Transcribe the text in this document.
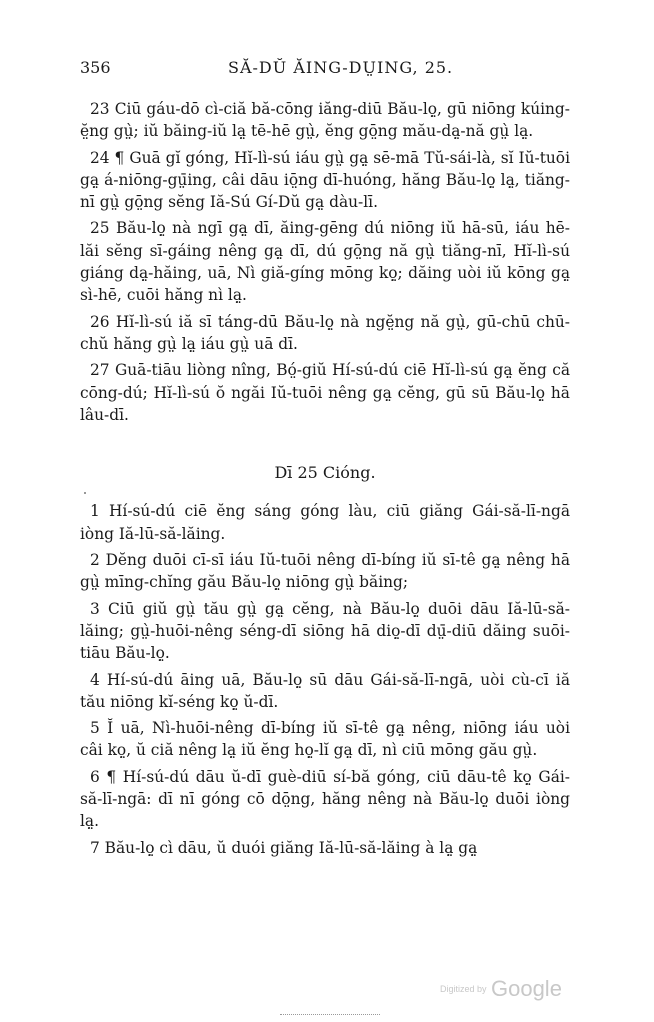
356	SĂ-DŬ ĂING-DṲING, 25.

23 Ciū gáu-dō cì-ciă bă-cōng iăng-diū Bău-lọ̤, gū niōng kúing-ĕ̤ng gṳ̀; iŭ băing-iŭ lạ̤ tē-hē gṳ̀, ĕng gō̤ng mău-dạ̤-nă gṳ̀ lạ̤.

24 ¶ Guā gĭ góng, Hĭ-lì-sú iáu gṳ̀ gạ̤ sē-mā Tŭ-sái-là, sĭ Iŭ-tuōi gạ̤ á-niōng-gṳ̄ing, câi dāu iō̤ng dī-huóng, hăng Bău-lọ̤ lạ̤, tiăng-nī gṳ̀ gō̤ng sĕng Iă-Sú Gí-Dŭ gạ̤ dàu-lī.

25 Bău-lọ̤ nà ngī gạ̤ dī, ăing-gēng dú niōng iŭ hā-sū, iáu hē-lăi sĕng sī-gáing nêng gạ̤ dī, dú gō̤ng nă gṳ̀ tiăng-nī, Hĭ-lì-sú giáng dạ̤-hăing, uā, Nì giă-gíng mōng kọ̤; dăing uòi iŭ kōng gạ̤ sì-hē, cuōi hăng nì lạ̤.

26 Hĭ-lì-sú iă sī táng-dū Bău-lọ̤ nà ngĕ̤ng nă gṳ̀, gū-chū chū-chŭ hăng gṳ̀ lạ̤ iáu gṳ̀ uā dī.

27 Guā-tiāu liòng nîng, Bó̤-giŭ Hí-sú-dú ciē Hĭ-lì-sú gạ̤ ĕng că cōng-dú; Hĭ-lì-sú ŏ ngăi Iŭ-tuōi nêng gạ̤ cĕng, gū sū Bău-lọ̤ hā lâu-dī.

Dī 25 Cióng.

1 Hí-sú-dú ciē ĕng sáng góng làu, ciū giăng Gái-să-lī-ngā iòng Iă-lū-să-lăing.

2 Dĕng duōi cī-sī iáu Iŭ-tuōi nêng dī-bíng iŭ sī-tê gạ̤ nêng hā gṳ̀ mīng-chĭng gău Bău-lọ̤ niōng gṳ̀ băing;

3 Ciū giŭ gṳ̀ tău gṳ̀ gạ̤ cĕng, nà Bău-lọ̤ duōi dāu Iă-lū-să-lăing; gṳ̀-huōi-nêng séng-dī siōng hā diọ̤-dī dṳ̄-diū dăing suōi-tiāu Bău-lọ̤.

4 Hí-sú-dú āing uā, Bău-lọ̤ sū dāu Gái-să-lī-ngā, uòi cù-cī iă tău niōng kĭ-séng kọ̤ ŭ-dī.

5 Ĭ uā, Nì-huōi-nêng dī-bíng iŭ sī-tê gạ̤ nêng, niōng iáu uòi câi kọ̤, ŭ ciă nêng lạ̤ iŭ ĕng họ̤-lĭ gạ̤ dī, nì ciū mōng gău gṳ̀.

6 ¶ Hí-sú-dú dāu ŭ-dī guè-diū sí-bă góng, ciū dāu-tê kọ̤ Gái-să-lī-ngā: dī nī góng cō dō̤ng, hăng nêng nà Bău-lọ̤ duōi iòng lạ̤.

7 Bău-lọ̤ cì dāu, ŭ duói giăng Iă-lū-să-lăing à lạ̤ gạ̤

Digitized by Google
